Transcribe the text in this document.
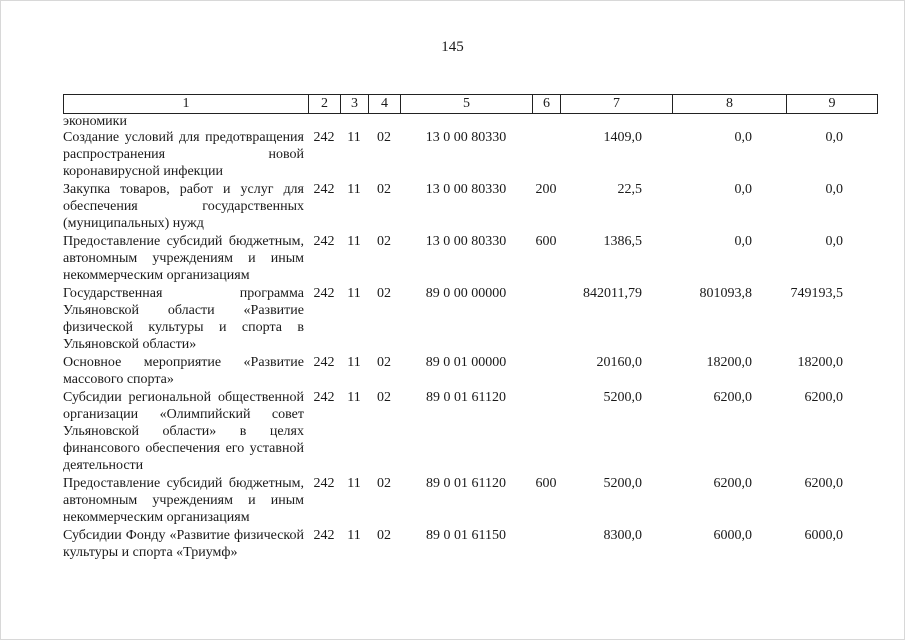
145
1	2	3	4	5	6	7	8	9
экономики								
Создание условий для предотвращения распространения новой коронавирусной инфекции	242	11	02	13 0 00 80330		1409,0	0,0	0,0
Закупка товаров, работ и услуг для обеспечения государственных (муниципальных) нужд	242	11	02	13 0 00 80330	200	22,5	0,0	0,0
Предоставление субсидий бюджетным, автономным учреждениям и иным некоммерческим организациям	242	11	02	13 0 00 80330	600	1386,5	0,0	0,0
Государственная программа Ульяновской области «Развитие физической культуры и спорта в Ульяновской области»	242	11	02	89 0 00 00000		842011,79	801093,8	749193,5
Основное мероприятие «Развитие массового спорта»	242	11	02	89 0 01 00000		20160,0	18200,0	18200,0
Субсидии региональной общественной организации «Олимпийский совет Ульяновской области» в целях финансового обеспечения его уставной деятельности	242	11	02	89 0 01 61120		5200,0	6200,0	6200,0
Предоставление субсидий бюджетным, автономным учреждениям и иным некоммерческим организациям	242	11	02	89 0 01 61120	600	5200,0	6200,0	6200,0
Субсидии Фонду «Развитие физической культуры и спорта «Триумф»	242	11	02	89 0 01 61150		8300,0	6000,0	6000,0
